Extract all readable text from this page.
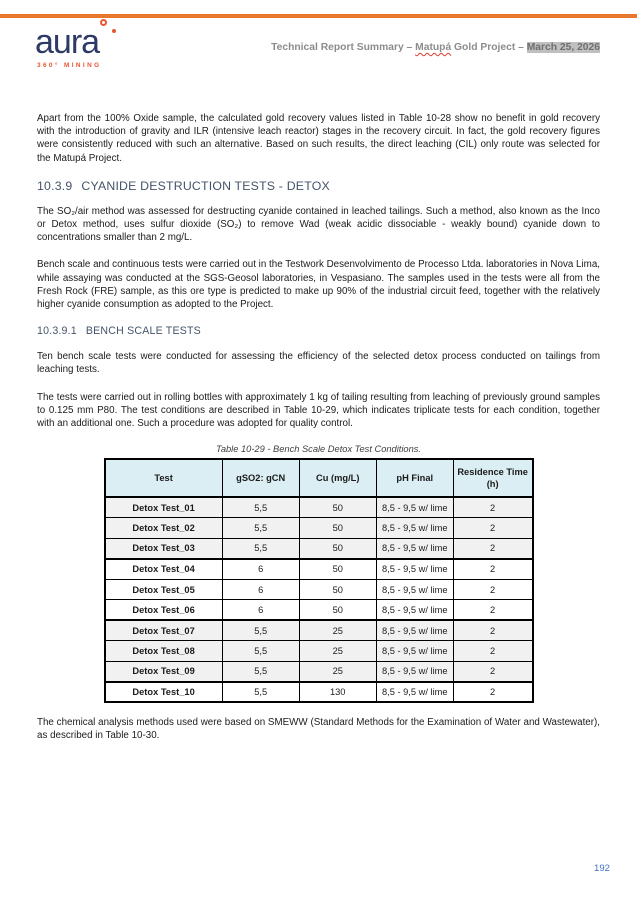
aura
360° MINING
Technical Report Summary – Matupá Gold Project – March 25, 2026

Apart from the 100% Oxide sample, the calculated gold recovery values listed in Table 10-28 show no benefit in gold recovery with the introduction of gravity and ILR (intensive leach reactor) stages in the recovery circuit. In fact, the gold recovery figures were consistently reduced with such an alternative. Based on such results, the direct leaching (CIL) only route was selected for the Matupá Project.

10.3.9 CYANIDE DESTRUCTION TESTS - DETOX

The SO₂/air method was assessed for destructing cyanide contained in leached tailings. Such a method, also known as the Inco or Detox method, uses sulfur dioxide (SO₂) to remove Wad (weak acidic dissociable - weakly bound) cyanide down to concentrations smaller than 2 mg/L.

Bench scale and continuous tests were carried out in the Testwork Desenvolvimento de Processo Ltda. laboratories in Nova Lima, while assaying was conducted at the SGS-Geosol laboratories, in Vespasiano. The samples used in the tests were all from the Fresh Rock (FRE) sample, as this ore type is predicted to make up 90% of the industrial circuit feed, together with the relatively higher cyanide consumption as adopted to the Project.

10.3.9.1 BENCH SCALE TESTS

Ten bench scale tests were conducted for assessing the efficiency of the selected detox process conducted on tailings from leaching tests.

The tests were carried out in rolling bottles with approximately 1 kg of tailing resulting from leaching of previously ground samples to 0.125 mm P80. The test conditions are described in Table 10-29, which indicates triplicate tests for each condition, together with an additional one. Such a procedure was adopted for quality control.

Table 10-29 - Bench Scale Detox Test Conditions.
Test	gSO2: gCN	Cu (mg/L)	pH Final	Residence Time (h)
Detox Test_01	5,5	50	8,5 - 9,5 w/ lime	2
Detox Test_02	5,5	50	8,5 - 9,5 w/ lime	2
Detox Test_03	5,5	50	8,5 - 9,5 w/ lime	2
Detox Test_04	6	50	8,5 - 9,5 w/ lime	2
Detox Test_05	6	50	8,5 - 9,5 w/ lime	2
Detox Test_06	6	50	8,5 - 9,5 w/ lime	2
Detox Test_07	5,5	25	8,5 - 9,5 w/ lime	2
Detox Test_08	5,5	25	8,5 - 9,5 w/ lime	2
Detox Test_09	5,5	25	8,5 - 9,5 w/ lime	2
Detox Test_10	5,5	130	8,5 - 9,5 w/ lime	2

The chemical analysis methods used were based on SMEWW (Standard Methods for the Examination of Water and Wastewater), as described in Table 10-30.

192
